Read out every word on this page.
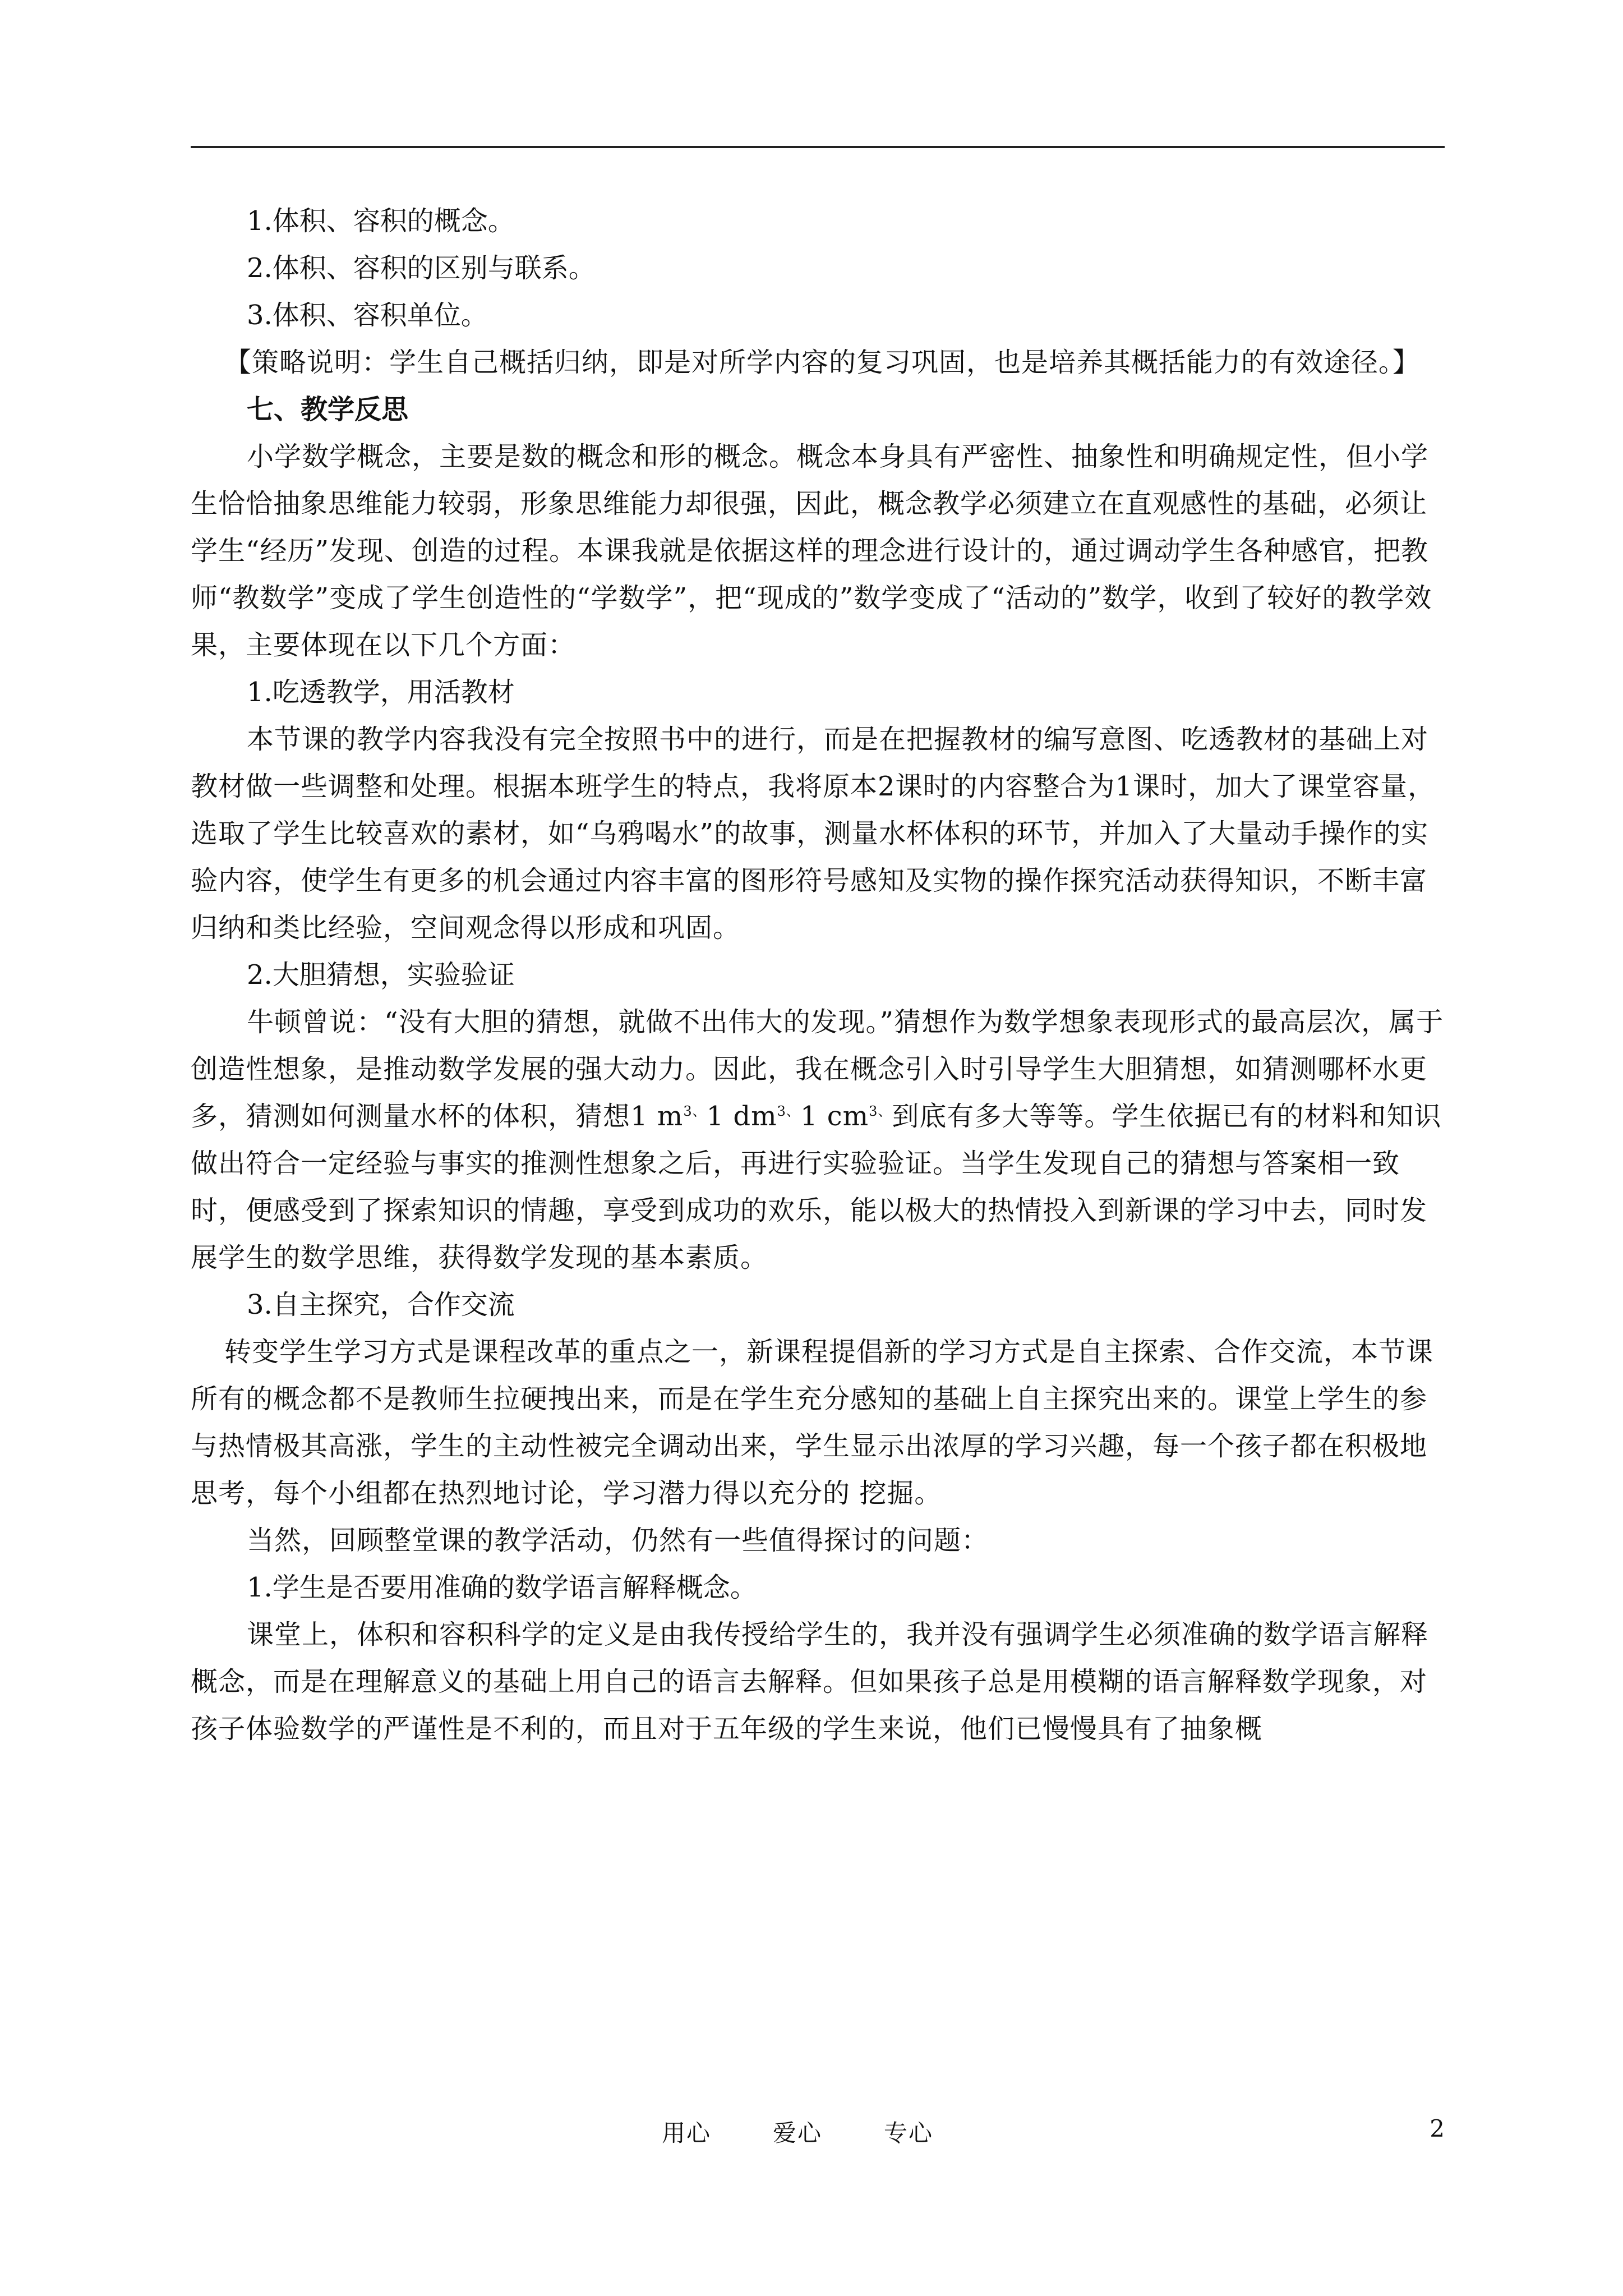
1.体积、容积的概念。

2.体积、容积的区别与联系。

3.体积、容积单位。

【策略说明：学生自己概括归纳，即是对所学内容的复习巩固，也是培养其概括能力的有效途径。】

七、教学反思

小学数学概念，主要是数的概念和形的概念。概念本身具有严密性、抽象性和明确规定性，但小学生恰恰抽象思维能力较弱，形象思维能力却很强，因此，概念教学必须建立在直观感性的基础，必须让学生“经历”发现、创造的过程。本课我就是依据这样的理念进行设计的，通过调动学生各种感官，把教师“教数学”变成了学生创造性的“学数学”，把“现成的”数学变成了“活动的”数学，收到了较好的教学效果，主要体现在以下几个方面：

1.吃透教学，用活教材

本节课的教学内容我没有完全按照书中的进行，而是在把握教材的编写意图、吃透教材的基础上对教材做一些调整和处理。根据本班学生的特点，我将原本2课时的内容整合为1课时，加大了课堂容量，选取了学生比较喜欢的素材，如“乌鸦喝水”的故事，测量水杯体积的环节，并加入了大量动手操作的实验内容，使学生有更多的机会通过内容丰富的图形符号感知及实物的操作探究活动获得知识，不断丰富归纳和类比经验，空间观念得以形成和巩固。

2.大胆猜想，实验验证

牛顿曾说：“没有大胆的猜想，就做不出伟大的发现。”猜想作为数学想象表现形式的最高层次，属于创造性想象，是推动数学发展的强大动力。因此，我在概念引入时引导学生大胆猜想，如猜测哪杯水更多，猜测如何测量水杯的体积，猜想1 $m^{3、}1$ $dm^{3、}1$ $cm^{3、}$到底有多大等等。学生依据已有的材料和知识做出符合一定经验与事实的推测性想象之后，再进行实验验证。当学生发现自己的猜想与答案相一致时，便感受到了探索知识的情趣，享受到成功的欢乐，能以极大的热情投入到新课的学习中去，同时发展学生的数学思维，获得数学发现的基本素质。

3.自主探究，合作交流

转变学生学习方式是课程改革的重点之一，新课程提倡新的学习方式是自主探索、合作交流，本节课所有的概念都不是教师生拉硬拽出来，而是在学生充分感知的基础上自主探究出来的。课堂上学生的参与热情极其高涨，学生的主动性被完全调动出来，学生显示出浓厚的学习兴趣，每一个孩子都在积极地思考，每个小组都在热烈地讨论，学习潜力得以充分的 挖掘。

当然，回顾整堂课的教学活动，仍然有一些值得探讨的问题：

1.学生是否要用准确的数学语言解释概念。

课堂上，体积和容积科学的定义是由我传授给学生的，我并没有强调学生必须准确的数学语言解释概念，而是在理解意义的基础上用自己的语言去解释。但如果孩子总是用模糊的语言解释数学现象，对孩子体验数学的严谨性是不利的，而且对于五年级的学生来说，他们已慢慢具有了抽象概

用心	爱心	专心	2
